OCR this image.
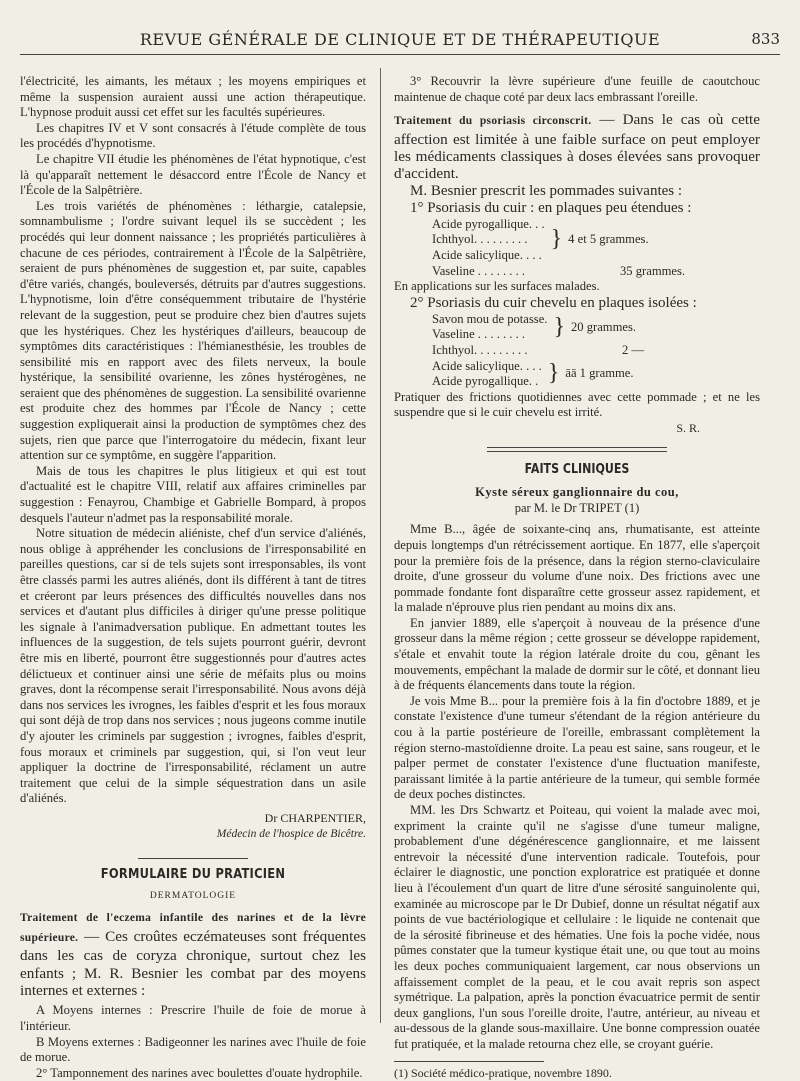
REVUE GÉNÉRALE DE CLINIQUE ET DE THÉRAPEUTIQUE	833

l'électricité, les aimants, les métaux ; les moyens empiriques et même la suspension auraient aussi une action thérapeutique. L'hypnose produit aussi cet effet sur les facultés supérieures.

Les chapitres IV et V sont consacrés à l'étude complète de tous les procédés d'hypnotisme.

Le chapitre VII étudie les phénomènes de l'état hypnotique, c'est là qu'apparaît nettement le désaccord entre l'École de Nancy et l'École de la Salpêtrière.

Les trois variétés de phénomènes : léthargie, catalepsie, somnambulisme ; l'ordre suivant lequel ils se succèdent ; les procédés qui leur donnent naissance ; les propriétés particulières à chacune de ces périodes, contrairement à l'École de la Salpêtrière, seraient de purs phénomènes de suggestion et, par suite, capables d'être variés, changés, bouleversés, détruits par d'autres suggestions. L'hypnotisme, loin d'être conséquemment tributaire de l'hystérie relevant de la suggestion, peut se produire chez bien d'autres sujets que les hystériques. Chez les hystériques d'ailleurs, beaucoup de symptômes dits caractéristiques : l'hémianesthésie, les troubles de sensibilité mis en rapport avec des filets nerveux, la boule hystérique, la sensibilité ovarienne, les zônes hystérogènes, ne seraient que des phénomènes de suggestion. La sensibilité ovarienne est produite chez des hommes par l'École de Nancy ; cette suggestion expliquerait ainsi la production de symptômes chez des sujets, rien que parce que l'interrogatoire du médecin, fixant leur attention sur ce symptôme, en suggère l'apparition.

Mais de tous les chapitres le plus litigieux et qui est tout d'actualité est le chapitre VIII, relatif aux affaires criminelles par suggestion : Fenayrou, Chambige et Gabrielle Bompard, à propos desquels l'auteur n'admet pas la responsabilité morale.

Notre situation de médecin aliéniste, chef d'un service d'aliénés, nous oblige à appréhender les conclusions de l'irresponsabilité en pareilles questions, car si de tels sujets sont irresponsables, ils vont être classés parmi les autres aliénés, dont ils différent à tant de titres et créeront par leurs présences des difficultés nouvelles dans nos services et d'autant plus difficiles à diriger qu'une presse politique les signale à l'animadversation publique. En admettant toutes les influences de la suggestion, de tels sujets pourront guérir, devront être mis en liberté, pourront être suggestionnés pour d'autres actes délictueux et continuer ainsi une série de méfaits plus ou moins graves, dont la récompense serait l'irresponsabilité. Nous avons déjà dans nos services les ivrognes, les faibles d'esprit et les fous moraux qui sont déjà de trop dans nos services ; nous jugeons comme inutile d'y ajouter les criminels par suggestion ; ivrognes, faibles d'esprit, fous moraux et criminels par suggestion, qui, si l'on veut leur appliquer la doctrine de l'irresponsabilité, réclament un autre traitement que celui de la simple séquestration dans un asile d'aliénés.

Dr CHARPENTIER,

Médecin de l'hospice de Bicêtre.

FORMULAIRE DU PRATICIEN
DERMATOLOGIE

Traitement de l'eczema infantile des narines et de la lèvre supérieure. — Ces croûtes eczémateuses sont fréquentes dans les cas de coryza chronique, surtout chez les enfants ; M. R. Besnier les combat par des moyens internes et externes :

A Moyens internes : Prescrire l'huile de foie de morue à l'intérieur.

B Moyens externes : Badigeonner les narines avec l'huile de foie de morue.

2° Tamponnement des narines avec boulettes d'ouate hydrophile.

3° Recouvrir la lèvre supérieure d'une feuille de caoutchouc maintenue de chaque coté par deux lacs embrassant l'oreille.

Traitement du psoriasis circonscrit. — Dans le cas où cette affection est limitée à une faible surface on peut employer les médicaments classiques à doses élevées sans provoquer d'accident.

M. Besnier prescrit les pommades suivantes :

1° Psoriasis du cuir : en plaques peu étendues :

Acide pyrogallique. . .
Ichthyol. . . . . . . . .
Acide salicylique. . . .
} 4 et 5 grammes.
Vaseline . . . . . . . .	35 grammes.

En applications sur les surfaces malades.

2° Psoriasis du cuir chevelu en plaques isolées :

Savon mou de potasse.
Vaseline . . . . . . . .	} 20 grammes.
Ichthyol. . . . . . . . .	2 —
Acide salicylique. . . .
Acide pyrogallique. . } āā 1 gramme.

Pratiquer des frictions quotidiennes avec cette pommade ; et ne les suspendre que si le cuir chevelu est irrité.

S. R.

FAITS CLINIQUES
Kyste séreux ganglionnaire du cou,
par M. le Dr TRIPET (1)

Mme B..., âgée de soixante-cinq ans, rhumatisante, est atteinte depuis longtemps d'un rétrécissement aortique. En 1877, elle s'aperçoit pour la première fois de la présence, dans la région sterno-claviculaire droite, d'une grosseur du volume d'une noix. Des frictions avec une pommade fondante font disparaître cette grosseur assez rapidement, et la malade n'éprouve plus rien pendant au moins dix ans.

En janvier 1889, elle s'aperçoit à nouveau de la présence d'une grosseur dans la même région ; cette grosseur se développe rapidement, s'étale et envahit toute la région latérale droite du cou, gênant les mouvements, empêchant la malade de dormir sur le côté, et donnant lieu à de fréquents élancements dans toute la région.

Je vois Mme B... pour la première fois à la fin d'octobre 1889, et je constate l'existence d'une tumeur s'étendant de la région antérieure du cou à la partie postérieure de l'oreille, embrassant complètement la région sterno-mastoïdienne droite. La peau est saine, sans rougeur, et le palper permet de constater l'existence d'une fluctuation manifeste, paraissant limitée à la partie antérieure de la tumeur, qui semble formée de deux poches distinctes.

MM. les Drs Schwartz et Poiteau, qui voient la malade avec moi, expriment la crainte qu'il ne s'agisse d'une tumeur maligne, probablement d'une dégénérescence ganglionnaire, et me laissent entrevoir la nécessité d'une intervention radicale. Toutefois, pour éclairer le diagnostic, une ponction exploratrice est pratiquée et donne lieu à l'écoulement d'un quart de litre d'une sérosité sanguinolente qui, examinée au microscope par le Dr Dubief, donne un résultat négatif aux points de vue bactériologique et cellulaire : le liquide ne contenait que de la sérosité fibrineuse et des hématies. Une fois la poche vidée, nous pûmes constater que la tumeur kystique était une, ou que tout au moins les deux poches communiquaient largement, car nous observions un affaissement complet de la peau, et le cou avait repris son aspect symétrique. La palpation, après la ponction évacuatrice permit de sentir deux ganglions, l'un sous l'oreille droite, l'autre, antérieur, au niveau et au-dessous de la glande sous-maxillaire. Une bonne compression ouatée fut pratiquée, et la malade retourna chez elle, se croyant guérie.

(1) Société médico-pratique, novembre 1890.
